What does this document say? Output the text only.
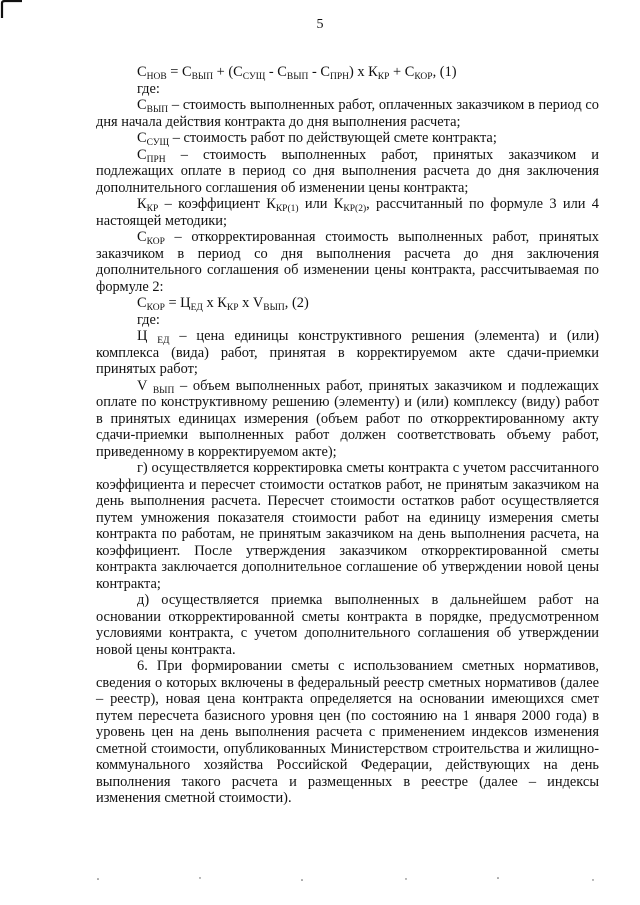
5

$С_{НОВ} = С_{ВЫП} + (С_{СУЩ} - С_{ВЫП} - С_{ПРН})$ х $К_{КР} + С_{КОР}$, (1)

где:

$С_{ВЫП}$ – стоимость выполненных работ, оплаченных заказчиком в период со дня начала действия контракта до дня выполнения расчета;

$С_{СУЩ}$ – стоимость работ по действующей смете контракта;

$С_{ПРН}$ – стоимость выполненных работ, принятых заказчиком и подлежащих оплате в период со дня выполнения расчета до дня заключения дополнительного соглашения об изменении цены контракта;

$К_{КР}$ – коэффициент $К_{КР(1)}$ или $К_{КР(2)}$, рассчитанный по формуле 3 или 4 настоящей методики;

$С_{КОР}$ – откорректированная стоимость выполненных работ, принятых заказчиком в период со дня выполнения расчета до дня заключения дополнительного соглашения об изменении цены контракта, рассчитываемая по формуле 2:

$С_{КОР} = Ц_{ЕД}$ х $К_{КР}$ х $V_{ВЫП}$, (2)

где:

Ц $_{ЕД}$ – цена единицы конструктивного решения (элемента) и (или) комплекса (вида) работ, принятая в корректируемом акте сдачи-приемки принятых работ;

V $_{ВЫП}$ – объем выполненных работ, принятых заказчиком и подлежащих оплате по конструктивному решению (элементу) и (или) комплексу (виду) работ в принятых единицах измерения (объем работ по откорректированному акту сдачи-приемки выполненных работ должен соответствовать объему работ, приведенному в корректируемом акте);

г) осуществляется корректировка сметы контракта с учетом рассчитанного коэффициента и пересчет стоимости остатков работ, не принятым заказчиком на день выполнения расчета. Пересчет стоимости остатков работ осуществляется путем умножения показателя стоимости работ на единицу измерения сметы контракта по работам, не принятым заказчиком на день выполнения расчета, на коэффициент. После утверждения заказчиком откорректированной сметы контракта заключается дополнительное соглашение об утверждении новой цены контракта;

д) осуществляется приемка выполненных в дальнейшем работ на основании откорректированной сметы контракта в порядке, предусмотренном условиями контракта, с учетом дополнительного соглашения об утверждении новой цены контракта.

6. При формировании сметы с использованием сметных нормативов, сведения о которых включены в федеральный реестр сметных нормативов (далее – реестр), новая цена контракта определяется на основании имеющихся смет путем пересчета базисного уровня цен (по состоянию на 1 января 2000 года) в уровень цен на день выполнения расчета с применением индексов изменения сметной стоимости, опубликованных Министерством строительства и жилищно-коммунального хозяйства Российской Федерации, действующих на день выполнения такого расчета и размещенных в реестре (далее – индексы изменения сметной стоимости).
